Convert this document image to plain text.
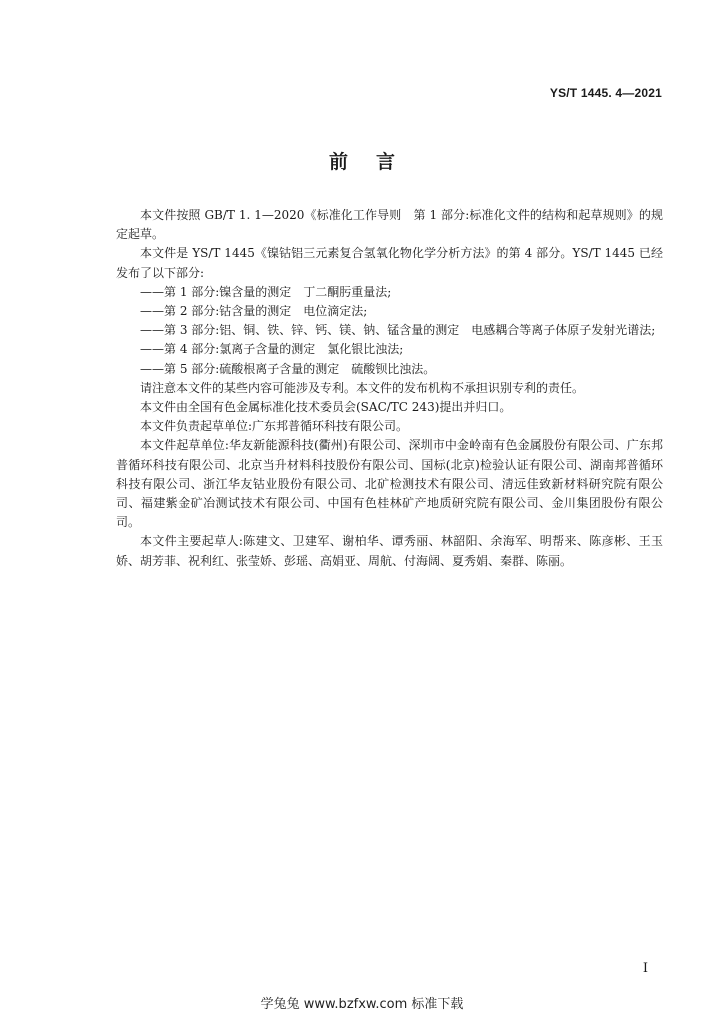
YS/T 1445. 4—2021
前言

本文件按照 GB/T 1. 1—2020《标准化工作导则　第 1 部分:标准化文件的结构和起草规则》的规定起草。

本文件是 YS/T 1445《镍钴铝三元素复合氢氧化物化学分析方法》的第 4 部分。YS/T 1445 已经发布了以下部分:

——第 1 部分:镍含量的测定　丁二酮肟重量法;

——第 2 部分:钴含量的测定　电位滴定法;

——第 3 部分:铝、铜、铁、锌、钙、镁、钠、锰含量的测定　电感耦合等离子体原子发射光谱法;

——第 4 部分:氯离子含量的测定　氯化银比浊法;

——第 5 部分:硫酸根离子含量的测定　硫酸钡比浊法。

请注意本文件的某些内容可能涉及专利。本文件的发布机构不承担识别专利的责任。

本文件由全国有色金属标准化技术委员会(SAC/TC 243)提出并归口。

本文件负责起草单位:广东邦普循环科技有限公司。

本文件起草单位:华友新能源科技(衢州)有限公司、深圳市中金岭南有色金属股份有限公司、广东邦普循环科技有限公司、北京当升材料科技股份有限公司、国标(北京)检验认证有限公司、湖南邦普循环科技有限公司、浙江华友钴业股份有限公司、北矿检测技术有限公司、清远佳致新材料研究院有限公司、福建紫金矿冶测试技术有限公司、中国有色桂林矿产地质研究院有限公司、金川集团股份有限公司。

本文件主要起草人:陈建文、卫建军、谢柏华、谭秀丽、林韶阳、余海军、明帮来、陈彦彬、王玉娇、胡芳菲、祝利红、张莹娇、彭瑶、高娟亚、周航、付海阔、夏秀娟、秦群、陈丽。

I
学兔兔 www.bzfxw.com 标准下载
